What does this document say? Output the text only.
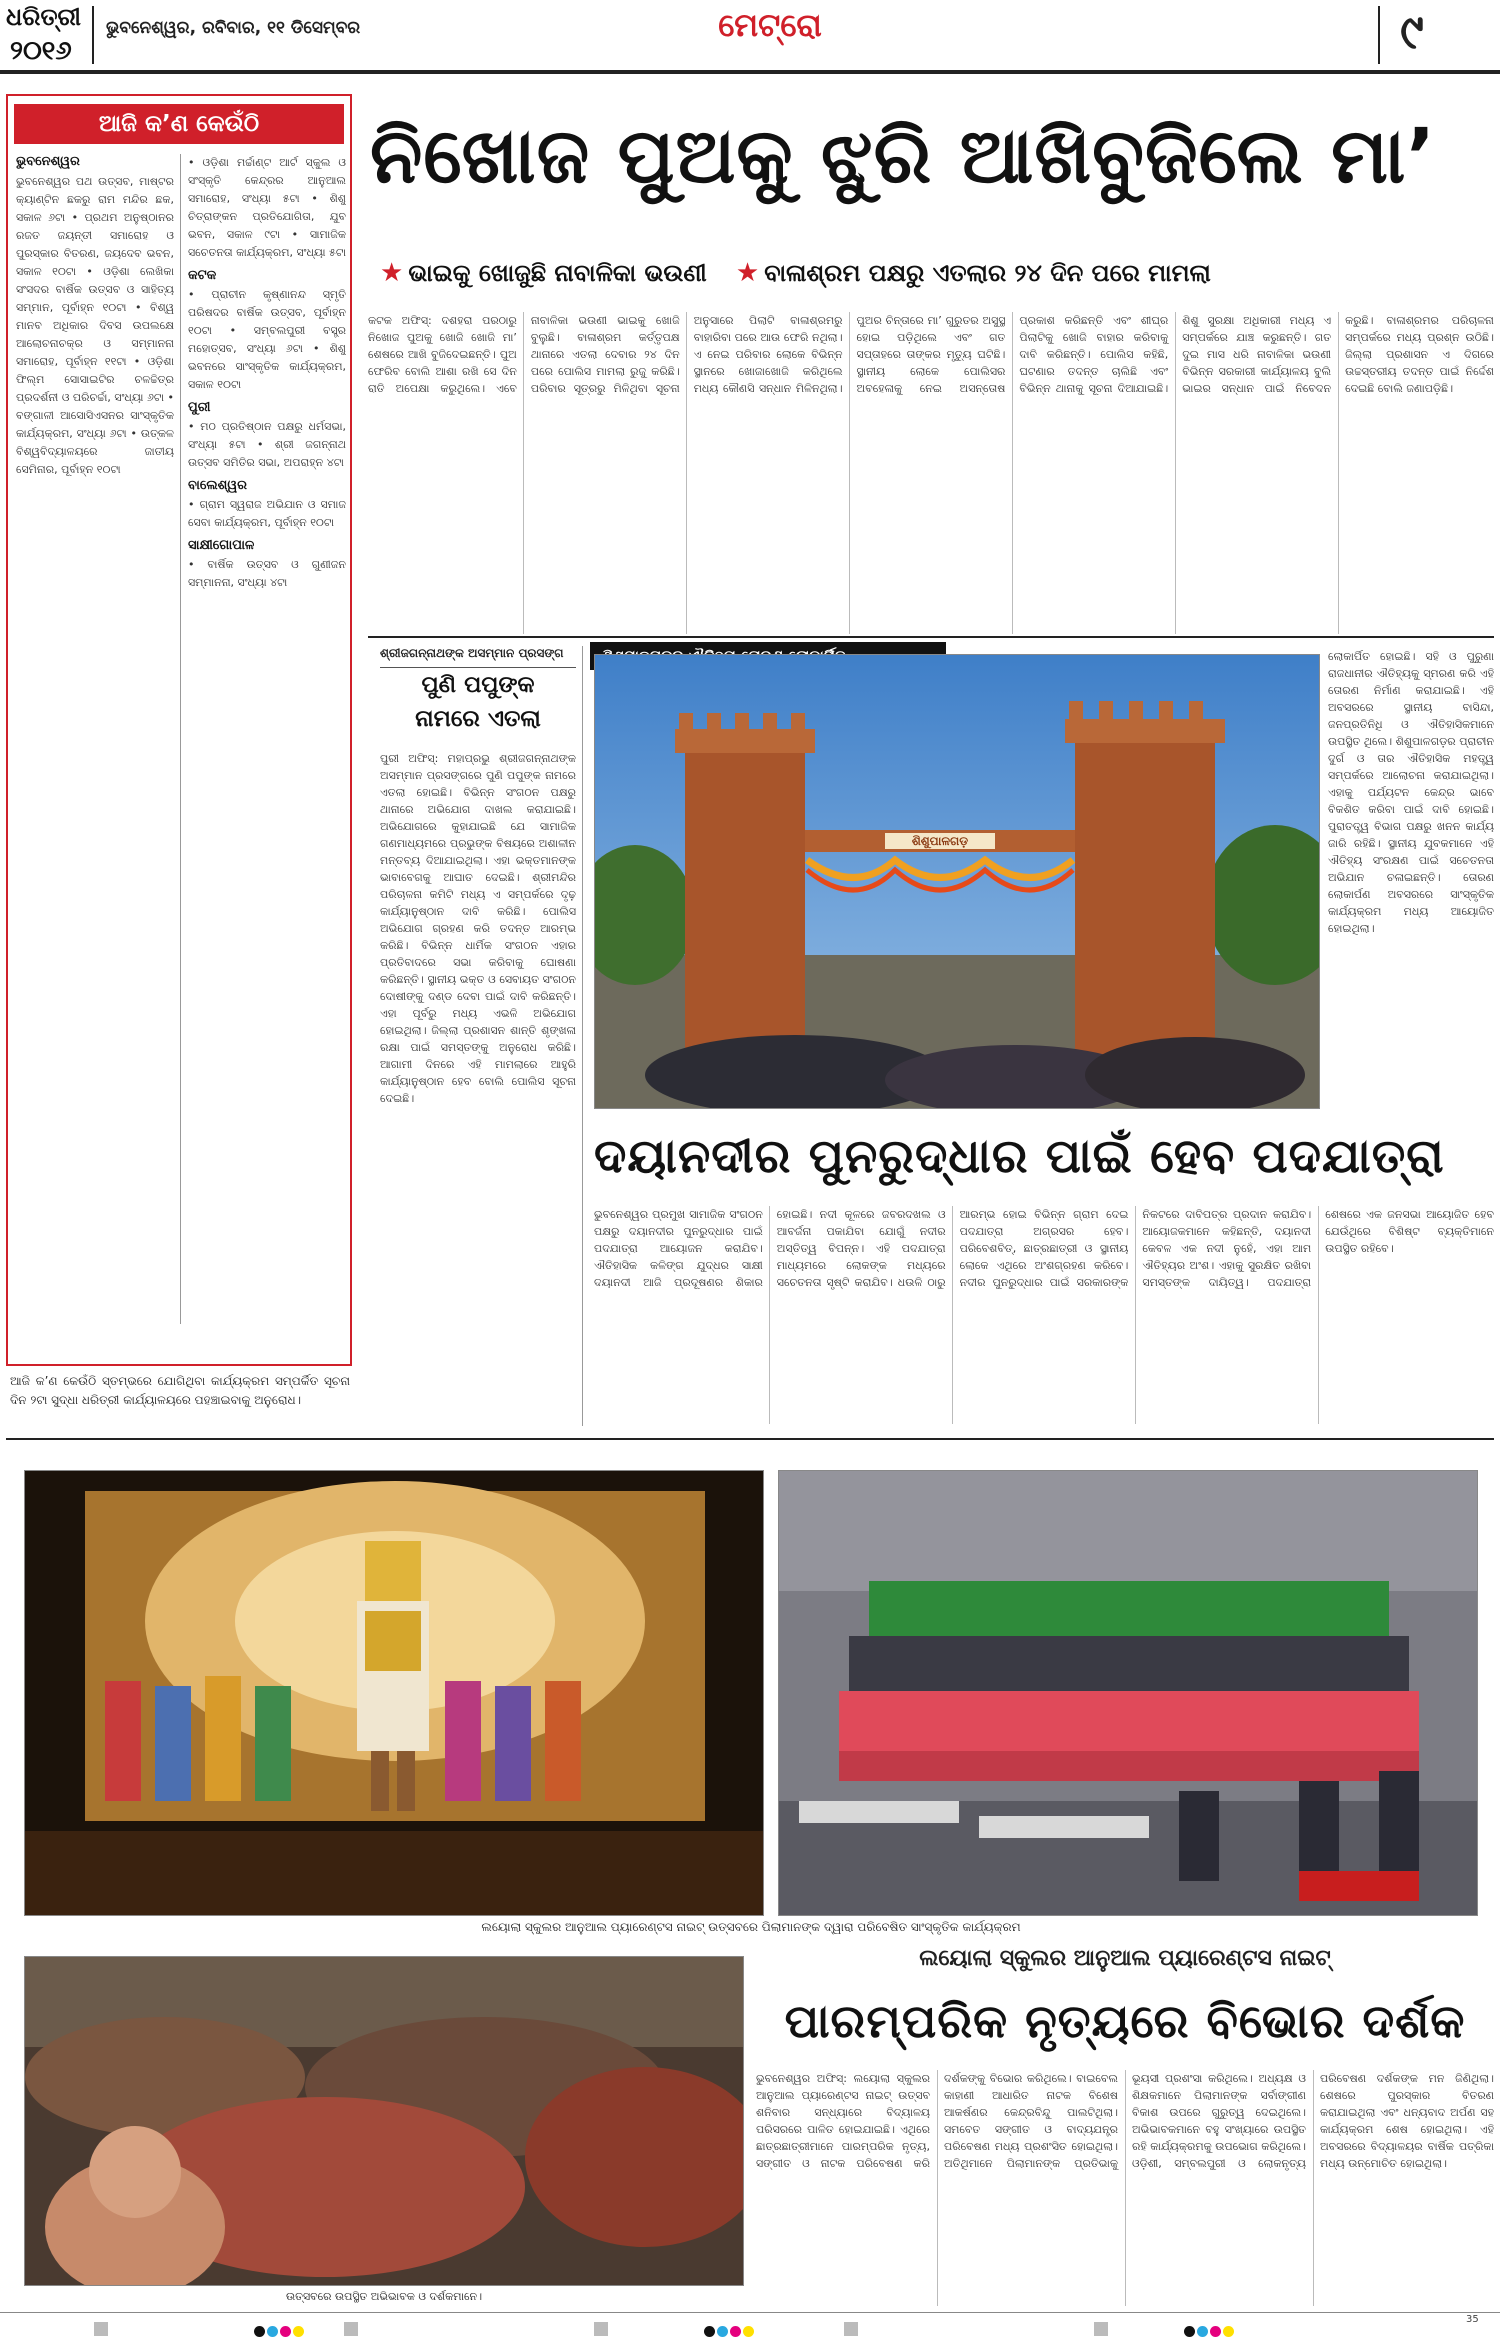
ଧରିତ୍ରୀ
୨୦୧୬
ଭୁବନେଶ୍ୱର, ରବିବାର, ୧୧ ଡିସେମ୍ବର	ମେଟ୍ରୋ	୯
ଆଜି କ’ଣ କେଉଁଠି
ଭୁବନେଶ୍ୱର
ଭୁବନେଶ୍ୱର ପଥ ଉତ୍ସବ, ମାଷ୍ଟର କ୍ୟାଣ୍ଟିନ ଛକରୁ ରାମ ମନ୍ଦିର ଛକ, ସକାଳ ୬ଟା • ପ୍ରଥମ ଅନୁଷ୍ଠାନର ରଜତ ଜୟନ୍ତୀ ସମାରୋହ ଓ ପୁରସ୍କାର ବିତରଣ, ଜୟଦେବ ଭବନ, ସକାଳ ୧୦ଟା • ଓଡ଼ିଶା ଲେଖିକା ସଂସଦର ବାର୍ଷିକ ଉତ୍ସବ ଓ ସାହିତ୍ୟ ସମ୍ମାନ, ପୂର୍ବାହ୍ନ ୧୦ଟା • ବିଶ୍ୱ ମାନବ ଅଧିକାର ଦିବସ ଉପଲକ୍ଷେ ଆଲୋଚନାଚକ୍ର ଓ ସମ୍ମାନନା ସମାରୋହ, ପୂର୍ବାହ୍ନ ୧୧ଟା • ଓଡ଼ିଶା ଫିଲ୍ମ ସୋସାଇଟିର ଚଳଚ୍ଚିତ୍ର ପ୍ରଦର୍ଶନୀ ଓ ପରିଚର୍ଚ୍ଚା, ସଂଧ୍ୟା ୬ଟା • ବଙ୍ଗାଳୀ ଆସୋସିଏସନର ସାଂସ୍କୃତିକ କାର୍ଯ୍ୟକ୍ରମ, ସଂଧ୍ୟା ୬ଟା • ଉତ୍କଳ ବିଶ୍ୱବିଦ୍ୟାଳୟରେ ଜାତୀୟ ସେମିନାର, ପୂର୍ବାହ୍ନ ୧୦ଟା
• ଓଡ଼ିଶା ମର୍ଚ୍ଚାଣ୍ଟ ଆର୍ଟ ସ୍କୁଲ ଓ ସଂସ୍କୃତି କେନ୍ଦ୍ରର ଆନୁଆଲ ସମାରୋହ, ସଂଧ୍ୟା ୫ଟା • ଶିଶୁ ଚିତ୍ରାଙ୍କନ ପ୍ରତିଯୋଗିତା, ଯୁବ ଭବନ, ସକାଳ ୯ଟା • ସାମାଜିକ ସଚେତନତା କାର୍ଯ୍ୟକ୍ରମ, ସଂଧ୍ୟା ୫ଟା
କଟକ
• ପ୍ରାଚୀନ କୃଷ୍ଣାନନ୍ଦ ସ୍ମୃତି ପରିଷଦର ବାର୍ଷିକ ଉତ୍ସବ, ପୂର୍ବାହ୍ନ ୧୦ଟା • ସମ୍ବଲପୁରୀ ବସ୍ତ୍ର ମହୋତ୍ସବ, ସଂଧ୍ୟା ୬ଟା • ଶିଶୁ ଭବନରେ ସାଂସ୍କୃତିକ କାର୍ଯ୍ୟକ୍ରମ, ସକାଳ ୧୦ଟା
ପୁରୀ
• ମଠ ପ୍ରତିଷ୍ଠାନ ପକ୍ଷରୁ ଧର୍ମସଭା, ସଂଧ୍ୟା ୫ଟା • ଶ୍ରୀ ଜଗନ୍ନାଥ ଉତ୍ସବ ସମିତିର ସଭା, ଅପରାହ୍ନ ୪ଟା
ବାଲେଶ୍ୱର
• ଗ୍ରାମ ସ୍ୱରାଜ ଅଭିଯାନ ଓ ସମାଜ ସେବା କାର୍ଯ୍ୟକ୍ରମ, ପୂର୍ବାହ୍ନ ୧୦ଟା
ସାକ୍ଷୀଗୋପାଳ
• ବାର୍ଷିକ ଉତ୍ସବ ଓ ଗୁଣୀଜନ ସମ୍ମାନନା, ସଂଧ୍ୟା ୪ଟା
ଆଜି କ’ଣ କେଉଁଠି ସ୍ତମ୍ଭରେ ଯୋଗିଥିବା କାର୍ଯ୍ୟକ୍ରମ ସମ୍ପର୍କିତ ସୂଚନା ଦିନ ୨ଟା ସୁଦ୍ଧା ଧରିତ୍ରୀ କାର୍ଯ୍ୟାଳୟରେ ପହଞ୍ଚାଇବାକୁ ଅନୁରୋଧ।
ନିଖୋଜ ପୁଅକୁ ଝୁରି ଆଖିବୁଜିଲେ ମା’
★ ଭାଇକୁ ଖୋଜୁଛି ନାବାଳିକା ଭଉଣୀ ★ ବାଳାଶ୍ରମ ପକ୍ଷରୁ ଏତଲାର ୨୪ ଦିନ ପରେ ମାମଲା
କଟକ ଅଫିସ୍‌: ଦଶହରା ପରଠାରୁ ନିଖୋଜ ପୁଅକୁ ଖୋଜି ଖୋଜି ମା’ ଶେଷରେ ଆଖି ବୁଜିଦେଇଛନ୍ତି। ପୁଅ ଫେରିବ ବୋଲି ଆଶା ରଖି ସେ ଦିନ ରାତି ଅପେକ୍ଷା କରୁଥିଲେ। ଏବେ ନାବାଳିକା ଭଉଣୀ ଭାଇକୁ ଖୋଜି ବୁଲୁଛି। ବାଳାଶ୍ରମ କର୍ତ୍ତୃପକ୍ଷ ଥାନାରେ ଏତଲା ଦେବାର ୨୪ ଦିନ ପରେ ପୋଲିସ ମାମଲା ରୁଜୁ କରିଛି। ପରିବାର ସୂତ୍ରରୁ ମିଳିଥିବା ସୂଚନା ଅନୁସାରେ ପିଲାଟି ବାଳାଶ୍ରମରୁ ବାହାରିବା ପରେ ଆଉ ଫେରି ନଥିଲା। ଏ ନେଇ ପରିବାର ଲୋକେ ବିଭିନ୍ନ ସ୍ଥାନରେ ଖୋଜାଖୋଜି କରିଥିଲେ ମଧ୍ୟ କୌଣସି ସନ୍ଧାନ ମିଳିନଥିଲା। ପୁଅର ଚିନ୍ତାରେ ମା’ ଗୁରୁତର ଅସୁସ୍ଥ ହୋଇ ପଡ଼ିଥିଲେ ଏବଂ ଗତ ସପ୍ତାହରେ ତାଙ୍କର ମୃତ୍ୟୁ ଘଟିଛି। ସ୍ଥାନୀୟ ଲୋକେ ପୋଲିସର ଅବହେଳାକୁ ନେଇ ଅସନ୍ତୋଷ ପ୍ରକାଶ କରିଛନ୍ତି ଏବଂ ଶୀଘ୍ର ପିଲାଟିକୁ ଖୋଜି ବାହାର କରିବାକୁ ଦାବି କରିଛନ୍ତି। ପୋଲିସ କହିଛି, ଘଟଣାର ତଦନ୍ତ ଚାଲିଛି ଏବଂ ବିଭିନ୍ନ ଥାନାକୁ ସୂଚନା ଦିଆଯାଇଛି। ଶିଶୁ ସୁରକ୍ଷା ଅଧିକାରୀ ମଧ୍ୟ ଏ ସମ୍ପର୍କରେ ଯାଞ୍ଚ କରୁଛନ୍ତି। ଗତ ଦୁଇ ମାସ ଧରି ନାବାଳିକା ଭଉଣୀ ବିଭିନ୍ନ ସରକାରୀ କାର୍ଯ୍ୟାଳୟ ବୁଲି ଭାଇର ସନ୍ଧାନ ପାଇଁ ନିବେଦନ କରୁଛି। ବାଳାଶ୍ରମର ପରିଚାଳନା ସମ୍ପର୍କରେ ମଧ୍ୟ ପ୍ରଶ୍ନ ଉଠିଛି। ଜିଲ୍ଲା ପ୍ରଶାସନ ଏ ଦିଗରେ ଉଚ୍ଚସ୍ତରୀୟ ତଦନ୍ତ ପାଇଁ ନିର୍ଦ୍ଦେଶ ଦେଇଛି ବୋଲି ଜଣାପଡ଼ିଛି।
ଶ୍ରୀଜଗନ୍ନାଥଙ୍କ ଅସମ୍ମାନ ପ୍ରସଙ୍ଗ
ପୁଣି ପପୁଙ୍କ
ନାମରେ ଏତଲା
ପୁରୀ ଅଫିସ୍‌: ମହାପ୍ରଭୁ ଶ୍ରୀଜଗନ୍ନାଥଙ୍କ ଅସମ୍ମାନ ପ୍ରସଙ୍ଗରେ ପୁଣି ପପୁଙ୍କ ନାମରେ ଏତଲା ହୋଇଛି। ବିଭିନ୍ନ ସଂଗଠନ ପକ୍ଷରୁ ଥାନାରେ ଅଭିଯୋଗ ଦାଖଲ କରାଯାଇଛି। ଅଭିଯୋଗରେ କୁହାଯାଇଛି ଯେ ସାମାଜିକ ଗଣମାଧ୍ୟମରେ ପ୍ରଭୁଙ୍କ ବିଷୟରେ ଅଶାଳୀନ ମନ୍ତବ୍ୟ ଦିଆଯାଇଥିଲା। ଏହା ଭକ୍ତମାନଙ୍କ ଭାବାବେଗକୁ ଆଘାତ ଦେଇଛି। ଶ୍ରୀମନ୍ଦିର ପରିଚାଳନା କମିଟି ମଧ୍ୟ ଏ ସମ୍ପର୍କରେ ଦୃଢ଼ କାର୍ଯ୍ୟାନୁଷ୍ଠାନ ଦାବି କରିଛି। ପୋଲିସ ଅଭିଯୋଗ ଗ୍ରହଣ କରି ତଦନ୍ତ ଆରମ୍ଭ କରିଛି। ବିଭିନ୍ନ ଧାର୍ମିକ ସଂଗଠନ ଏହାର ପ୍ରତିବାଦରେ ସଭା କରିବାକୁ ଘୋଷଣା କରିଛନ୍ତି। ସ୍ଥାନୀୟ ଭକ୍ତ ଓ ସେବାୟତ ସଂଗଠନ ଦୋଷୀଙ୍କୁ ଦଣ୍ଡ ଦେବା ପାଇଁ ଦାବି କରିଛନ୍ତି। ଏହା ପୂର୍ବରୁ ମଧ୍ୟ ଏଭଳି ଅଭିଯୋଗ ହୋଇଥିଲା। ଜିଲ୍ଲା ପ୍ରଶାସନ ଶାନ୍ତି ଶୃଙ୍ଖଳା ରକ୍ଷା ପାଇଁ ସମସ୍ତଙ୍କୁ ଅନୁରୋଧ କରିଛି। ଆଗାମୀ ଦିନରେ ଏହି ମାମଲାରେ ଆହୁରି କାର୍ଯ୍ୟାନୁଷ୍ଠାନ ହେବ ବୋଲି ପୋଲିସ ସୂଚନା ଦେଇଛି।
ଶିଶୁପାଳଗଡ଼
ଲୋକାର୍ପିତ ହୋଇଛି। ସହି ଓ ପୁରୁଣା ରାଜଧାନୀର ଐତିହ୍ୟକୁ ସ୍ମରଣ କରି ଏହି ତୋରଣ ନିର୍ମାଣ କରାଯାଇଛି। ଏହି ଅବସରରେ ସ୍ଥାନୀୟ ବାସିନ୍ଦା, ଜନପ୍ରତିନିଧି ଓ ଐତିହାସିକମାନେ ଉପସ୍ଥିତ ଥିଲେ। ଶିଶୁପାଳଗଡ଼ର ପ୍ରାଚୀନ ଦୁର୍ଗ ଓ ତାର ଐତିହାସିକ ମହତ୍ତ୍ୱ ସମ୍ପର୍କରେ ଆଲୋଚନା କରାଯାଇଥିଲା। ଏହାକୁ ପର୍ଯ୍ୟଟନ କେନ୍ଦ୍ର ଭାବେ ବିକଶିତ କରିବା ପାଇଁ ଦାବି ହୋଇଛି। ପୁରାତତ୍ତ୍ୱ ବିଭାଗ ପକ୍ଷରୁ ଖନନ କାର୍ଯ୍ୟ ଜାରି ରହିଛି। ସ୍ଥାନୀୟ ଯୁବକମାନେ ଏହି ଐତିହ୍ୟ ସଂରକ୍ଷଣ ପାଇଁ ସଚେତନତା ଅଭିଯାନ ଚଳାଇଛନ୍ତି। ତୋରଣ ଲୋକାର୍ପଣ ଅବସରରେ ସାଂସ୍କୃତିକ କାର୍ଯ୍ୟକ୍ରମ ମଧ୍ୟ ଆୟୋଜିତ ହୋଇଥିଲା।
ଦୟାନଦୀର ପୁନରୁଦ୍ଧାର ପାଇଁ ହେବ ପଦଯାତ୍ରା
ଭୁବନେଶ୍ୱର ପ୍ରମୁଖ ସାମାଜିକ ସଂଗଠନ ପକ୍ଷରୁ ଦୟାନଦୀର ପୁନରୁଦ୍ଧାର ପାଇଁ ପଦଯାତ୍ରା ଆୟୋଜନ କରାଯିବ। ଐତିହାସିକ କଳିଙ୍ଗ ଯୁଦ୍ଧର ସାକ୍ଷୀ ଦୟାନଦୀ ଆଜି ପ୍ରଦୂଷଣର ଶିକାର ହୋଇଛି। ନଦୀ କୂଳରେ ଜବରଦଖଲ ଓ ଆବର୍ଜନା ପକାଯିବା ଯୋଗୁଁ ନଦୀର ଅସ୍ତିତ୍ୱ ବିପନ୍ନ। ଏହି ପଦଯାତ୍ରା ମାଧ୍ୟମରେ ଲୋକଙ୍କ ମଧ୍ୟରେ ସଚେତନତା ସୃଷ୍ଟି କରାଯିବ। ଧଉଳି ଠାରୁ ଆରମ୍ଭ ହୋଇ ବିଭିନ୍ନ ଗ୍ରାମ ଦେଇ ପଦଯାତ୍ରା ଅଗ୍ରସର ହେବ। ପରିବେଶବିତ୍‌, ଛାତ୍ରଛାତ୍ରୀ ଓ ସ୍ଥାନୀୟ ଲୋକେ ଏଥିରେ ଅଂଶଗ୍ରହଣ କରିବେ। ନଦୀର ପୁନରୁଦ୍ଧାର ପାଇଁ ସରକାରଙ୍କ ନିକଟରେ ଦାବିପତ୍ର ପ୍ରଦାନ କରାଯିବ। ଆୟୋଜକମାନେ କହିଛନ୍ତି, ଦୟାନଦୀ କେବଳ ଏକ ନଦୀ ନୁହେଁ, ଏହା ଆମ ଐତିହ୍ୟର ଅଂଶ। ଏହାକୁ ସୁରକ୍ଷିତ ରଖିବା ସମସ୍ତଙ୍କ ଦାୟିତ୍ୱ। ପଦଯାତ୍ରା ଶେଷରେ ଏକ ଜନସଭା ଆୟୋଜିତ ହେବ ଯେଉଁଥିରେ ବିଶିଷ୍ଟ ବ୍ୟକ୍ତିମାନେ ଉପସ୍ଥିତ ରହିବେ।
ଲୟୋଲା ସ୍କୁଲର ଆନୁଆଲ ପ୍ୟାରେଣ୍ଟସ ନାଇଟ୍‌ ଉତ୍ସବରେ ପିଲାମାନଙ୍କ ଦ୍ୱାରା ପରିବେଷିତ ସାଂସ୍କୃତିକ କାର୍ଯ୍ୟକ୍ରମ
ଉତ୍ସବରେ ଉପସ୍ଥିତ ଅଭିଭାବକ ଓ ଦର୍ଶକମାନେ।
ଲୟୋଲା ସ୍କୁଲର ଆନୁଆଲ ପ୍ୟାରେଣ୍ଟସ ନାଇଟ୍‌
ପାରମ୍ପରିକ ନୃତ୍ୟରେ ବିଭୋର ଦର୍ଶକ
ଭୁବନେଶ୍ୱର ଅଫିସ୍‌: ଲୟୋଲା ସ୍କୁଲର ଆନୁଆଲ ପ୍ୟାରେଣ୍ଟସ ନାଇଟ୍‌ ଉତ୍ସବ ଶନିବାର ସନ୍ଧ୍ୟାରେ ବିଦ୍ୟାଳୟ ପରିସରରେ ପାଳିତ ହୋଇଯାଇଛି। ଏଥିରେ ଛାତ୍ରଛାତ୍ରୀମାନେ ପାରମ୍ପରିକ ନୃତ୍ୟ, ସଙ୍ଗୀତ ଓ ନାଟକ ପରିବେଷଣ କରି ଦର୍ଶକଙ୍କୁ ବିଭୋର କରିଥିଲେ। ବାଇବେଲ କାହାଣୀ ଆଧାରିତ ନାଟକ ବିଶେଷ ଆକର୍ଷଣର କେନ୍ଦ୍ରବିନ୍ଦୁ ପାଲଟିଥିଲା। ସମବେତ ସଙ୍ଗୀତ ଓ ବାଦ୍ୟଯନ୍ତ୍ର ପରିବେଷଣ ମଧ୍ୟ ପ୍ରଶଂସିତ ହୋଇଥିଲା। ଅତିଥିମାନେ ପିଲାମାନଙ୍କ ପ୍ରତିଭାକୁ ଭୂୟସୀ ପ୍ରଶଂସା କରିଥିଲେ। ଅଧ୍ୟକ୍ଷ ଓ ଶିକ୍ଷକମାନେ ପିଲାମାନଙ୍କ ସର୍ବାଙ୍ଗୀଣ ବିକାଶ ଉପରେ ଗୁରୁତ୍ୱ ଦେଇଥିଲେ। ଅଭିଭାବକମାନେ ବହୁ ସଂଖ୍ୟାରେ ଉପସ୍ଥିତ ରହି କାର୍ଯ୍ୟକ୍ରମକୁ ଉପଭୋଗ କରିଥିଲେ। ଓଡ଼ିଶୀ, ସମ୍ବଲପୁରୀ ଓ ଲୋକନୃତ୍ୟ ପରିବେଷଣ ଦର୍ଶକଙ୍କ ମନ ଜିଣିଥିଲା। ଶେଷରେ ପୁରସ୍କାର ବିତରଣ କରାଯାଇଥିଲା ଏବଂ ଧନ୍ୟବାଦ ଅର୍ପଣ ସହ କାର୍ଯ୍ୟକ୍ରମ ଶେଷ ହୋଇଥିଲା। ଏହି ଅବସରରେ ବିଦ୍ୟାଳୟର ବାର୍ଷିକ ପତ୍ରିକା ମଧ୍ୟ ଉନ୍ମୋଚିତ ହୋଇଥିଲା।
35
